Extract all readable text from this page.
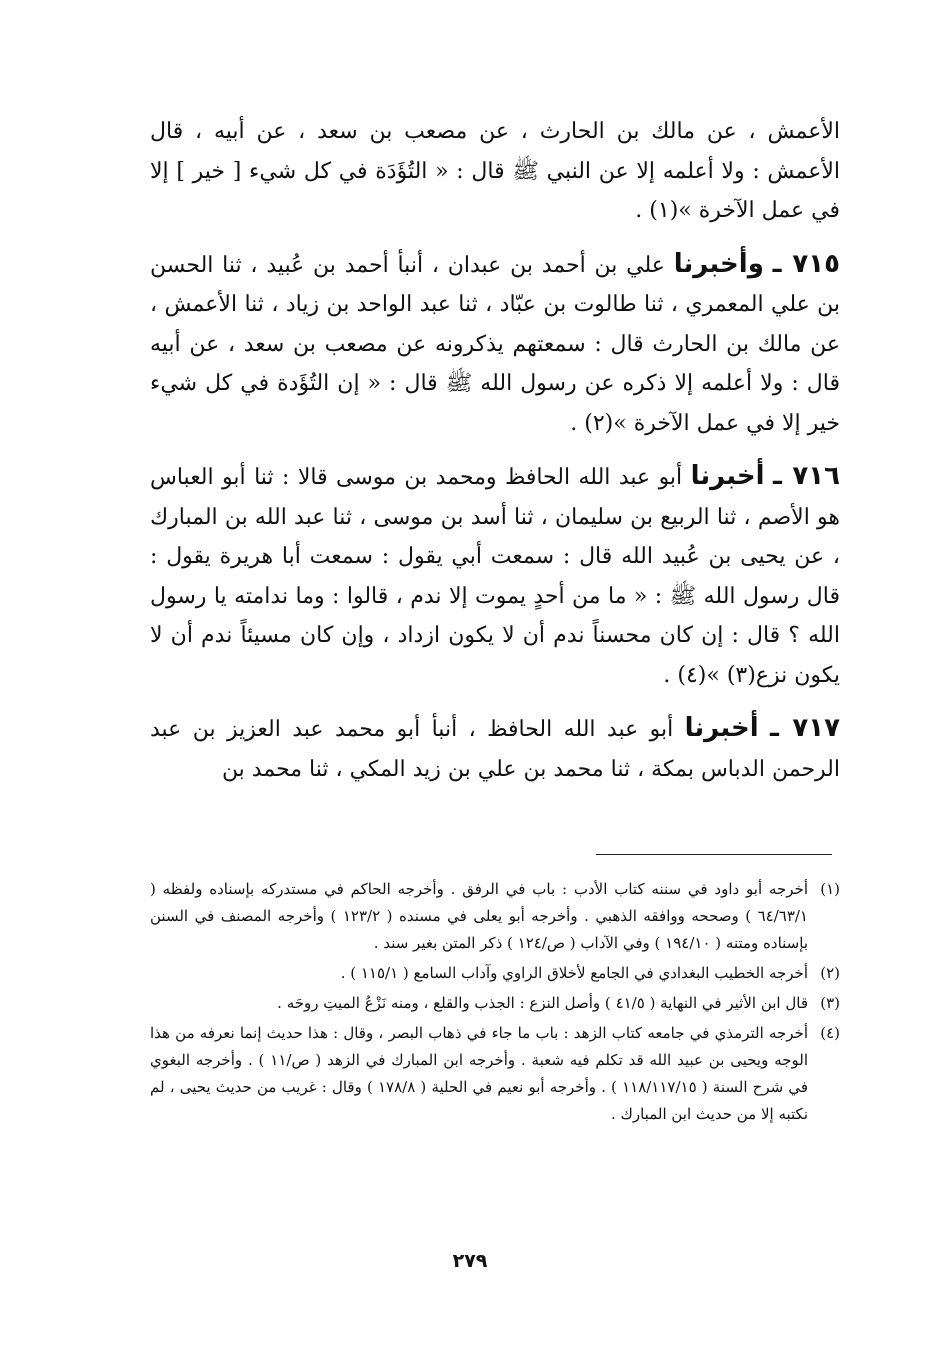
الأعمش ، عن مالك بن الحارث ، عن مصعب بن سعد ، عن أبيه ، قال الأعمش : ولا أعلمه إلا عن النبي ﷺ قال : « التُؤَدَة في كل شيء [ خير ] إلا في عمل الآخرة »(١) .

٧١٥ ـ وأخبرنا علي بن أحمد بن عبدان ، أنبأ أحمد بن عُبيد ، ثنا الحسن بن علي المعمري ، ثنا طالوت بن عبّاد ، ثنا عبد الواحد بن زياد ، ثنا الأعمش ، عن مالك بن الحارث قال : سمعتهم يذكرونه عن مصعب بن سعد ، عن أبيه قال : ولا أعلمه إلا ذكره عن رسول الله ﷺ قال : « إن التُؤَدة في كل شيء خير إلا في عمل الآخرة »(٢) .

٧١٦ ـ أخبرنا أبو عبد الله الحافظ ومحمد بن موسى قالا : ثنا أبو العباس هو الأصم ، ثنا الربيع بن سليمان ، ثنا أسد بن موسى ، ثنا عبد الله بن المبارك ، عن يحيى بن عُبيد الله قال : سمعت أبي يقول : سمعت أبا هريرة يقول : قال رسول الله ﷺ : « ما من أحدٍ يموت إلا ندم ، قالوا : وما ندامته يا رسول الله ؟ قال : إن كان محسناً ندم أن لا يكون ازداد ، وإن كان مسيئاً ندم أن لا يكون نزع(٣) »(٤) .

٧١٧ ـ أخبرنا أبو عبد الله الحافظ ، أنبأ أبو محمد عبد العزيز بن عبد الرحمن الدباس بمكة ، ثنا محمد بن علي بن زيد المكي ، ثنا محمد بن

(١)
أخرجه أبو داود في سننه كتاب الأدب : باب في الرفق . وأخرجه الحاكم في مستدركه بإسناده ولفظه ( ٦٤/٦٣/١ ) وصححه ووافقه الذهبي . وأخرجه أبو يعلى في مسنده ( ١٢٣/٢ ) وأخرجه المصنف في السنن بإسناده ومتنه ( ١٩٤/١٠ ) وفي الآداب ( ص/١٢٤ ) ذكر المتن بغير سند .
(٢)
أخرجه الخطيب البغدادي في الجامع لأخلاق الراوي وآداب السامع ( ١١٥/١ ) .
(٣)
قال ابن الأثير في النهاية ( ٤١/٥ ) وأصل النزع : الجذب والقلع ، ومنه نَزْعُ الميتِ روحَه .
(٤)
أخرجه الترمذي في جامعه كتاب الزهد : باب ما جاء في ذهاب البصر ، وقال : هذا حديث إنما نعرفه من هذا الوجه ويحيى بن عبيد الله قد تكلم فيه شعبة . وأخرجه ابن المبارك في الزهد ( ص/١١ ) . وأخرجه البغوي في شرح السنة ( ١١٨/١١٧/١٥ ) . وأخرجه أبو نعيم في الحلية ( ١٧٨/٨ ) وقال : غريب من حديث يحيى ، لم نكتبه إلا من حديث ابن المبارك .
٢٧٩
